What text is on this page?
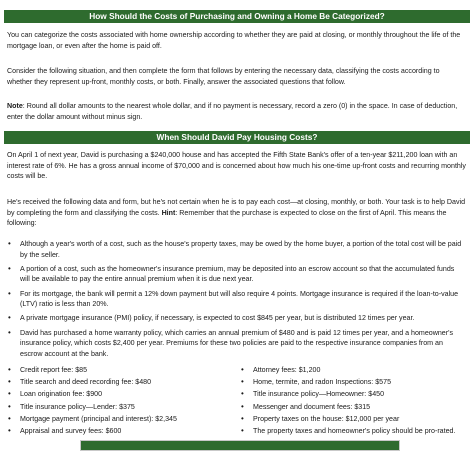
How Should the Costs of Purchasing and Owning a Home Be Categorized?

You can categorize the costs associated with home ownership according to whether they are paid at closing, or monthly throughout the life of the mortgage loan, or even after the home is paid off.

Consider the following situation, and then complete the form that follows by entering the necessary data, classifying the costs according to whether they represent up-front, monthly costs, or both. Finally, answer the associated questions that follow.

Note: Round all dollar amounts to the nearest whole dollar, and if no payment is necessary, record a zero (0) in the space. In case of deduction, enter the dollar amount without minus sign.

When Should David Pay Housing Costs?

On April 1 of next year, David is purchasing a $240,000 house and has accepted the Fifth State Bank's offer of a ten-year $211,200 loan with an interest rate of 6%. He has a gross annual income of $70,000 and is concerned about how much his one-time up-front costs and recurring monthly costs will be.

He's received the following data and form, but he's not certain when he is to pay each cost—at closing, monthly, or both. Your task is to help David by completing the form and classifying the costs. Hint: Remember that the purchase is expected to close on the first of April. This means the following:

• Although a year's worth of a cost, such as the house's property taxes, may be owed by the home buyer, a portion of the total cost will be paid by the seller.
• A portion of a cost, such as the homeowner's insurance premium, may be deposited into an escrow account so that the accumulated funds will be available to pay the entire annual premium when it is due next year.
• For its mortgage, the bank will permit a 12% down payment but will also require 4 points. Mortgage insurance is required if the loan-to-value (LTV) ratio is less than 20%.
• A private mortgage insurance (PMI) policy, if necessary, is expected to cost $845 per year, but is distributed 12 times per year.
• David has purchased a home warranty policy, which carries an annual premium of $480 and is paid 12 times per year, and a homeowner's insurance policy, which costs $2,400 per year. Premiums for these two policies are paid to the respective insurance companies from an escrow account at the bank.
• Credit report fee: $85	• Attorney fees: $1,200
• Title search and deed recording fee: $480	• Home, termite, and radon Inspections: $575
• Loan origination fee: $900	• Title insurance policy—Homeowner: $450
• Title insurance policy—Lender: $375	• Messenger and document fees: $315
• Mortgage payment (principal and interest): $2,345	• Property taxes on the house: $12,000 per year
• Appraisal and survey fees: $600	• The property taxes and homeowner's policy should be pro-rated.
